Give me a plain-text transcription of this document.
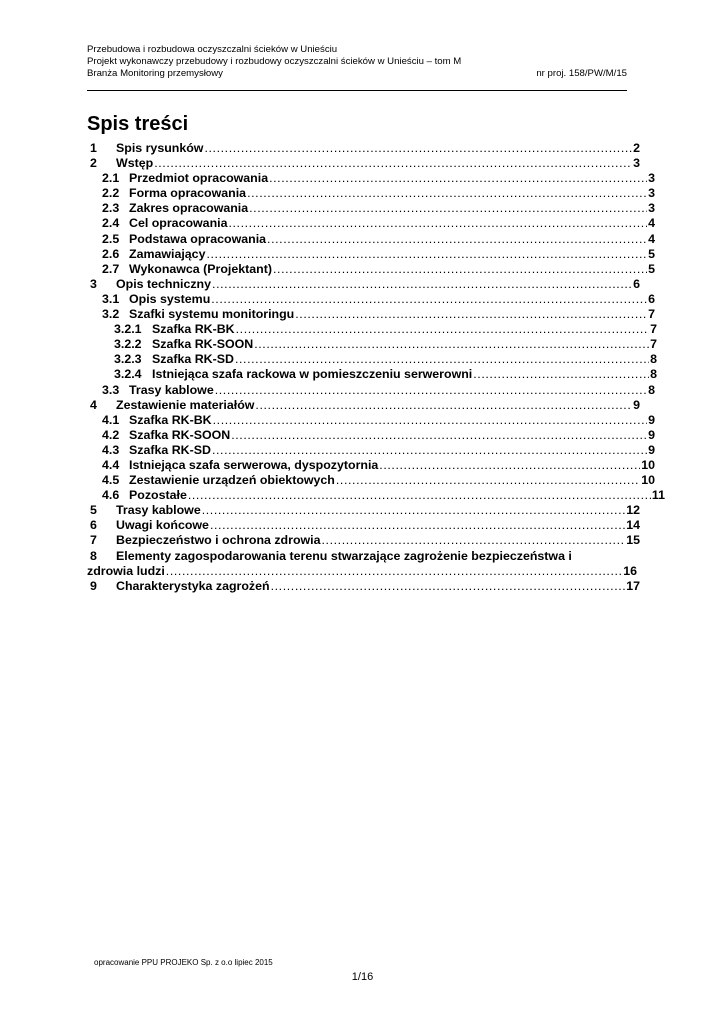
Przebudowa i rozbudowa oczyszczalni ścieków w Unieściu
Projekt wykonawczy przebudowy i rozbudowy oczyszczalni ścieków w Unieściu – tom M
Branża Monitoring przemysłowy	nr proj. 158/PW/M/15
Spis treści
1	Spis rysunków .....	2
2	Wstęp .....	3
2.1 Przedmiot opracowania .....	3
2.2 Forma opracowania .....	3
2.3 Zakres opracowania .....	3
2.4 Cel opracowania .....	4
2.5 Podstawa opracowania .....	4
2.6 Zamawiający .....	5
2.7 Wykonawca (Projektant) .....	5
3	Opis techniczny .....	6
3.1 Opis systemu .....	6
3.2 Szafki systemu monitoringu .....	7
3.2.1 Szafka RK-BK .....	7
3.2.2 Szafka RK-SOON .....	7
3.2.3 Szafka RK-SD .....	8
3.2.4 Istniejąca szafa rackowa w pomieszczeniu serwerowni .....	8
3.3 Trasy kablowe .....	8
4	Zestawienie materiałów .....	9
4.1 Szafka RK-BK .....	9
4.2 Szafka RK-SOON .....	9
4.3 Szafka RK-SD .....	9
4.4 Istniejąca szafa serwerowa, dyspozytornia .....	10
4.5 Zestawienie urządzeń obiektowych .....	10
4.6 Pozostałe .....	11
5	Trasy kablowe .....	12
6	Uwagi końcowe .....	14
7	Bezpieczeństwo i ochrona zdrowia .....	15
8	Elementy zagospodarowania terenu stwarzające zagrożenie bezpieczeństwa i
zdrowia ludzi .....	16
9	Charakterystyka zagrożeń .....	17
opracowanie PPU PROJEKO Sp. z o.o lipiec 2015
1/16
